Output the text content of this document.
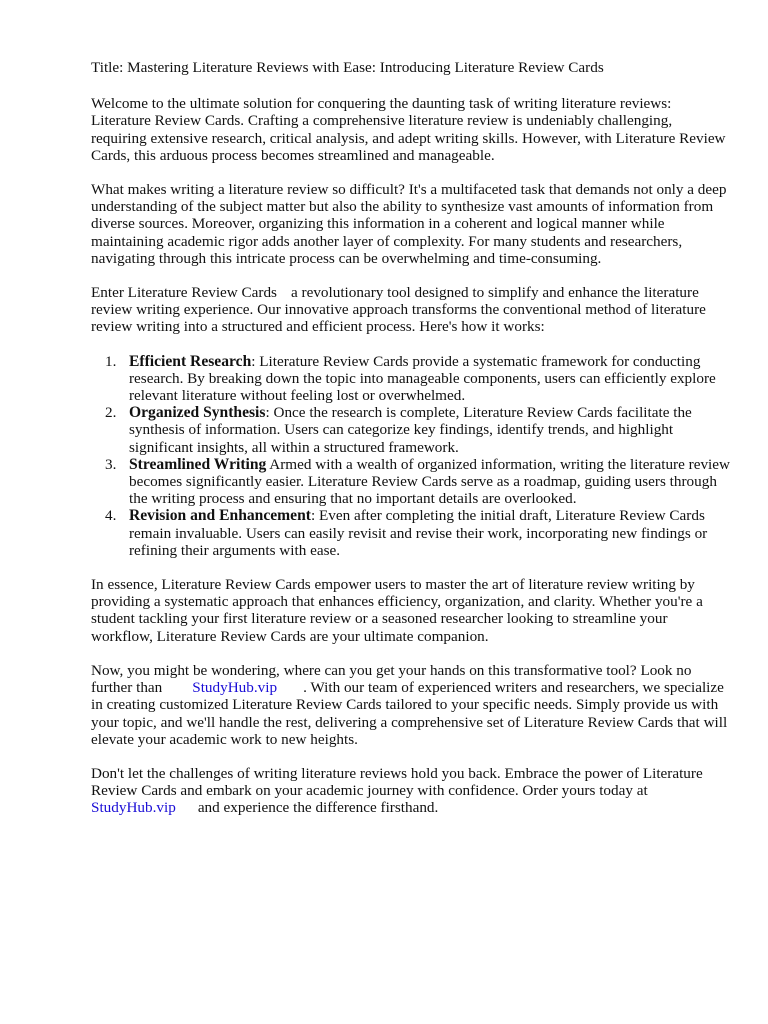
Title: Mastering Literature Reviews with Ease: Introducing Literature Review Cards

Welcome to the ultimate solution for conquering the daunting task of writing literature reviews: Literature Review Cards. Crafting a comprehensive literature review is undeniably challenging, requiring extensive research, critical analysis, and adept writing skills. However, with Literature Review Cards, this arduous process becomes streamlined and manageable.

What makes writing a literature review so difficult? It's a multifaceted task that demands not only a deep understanding of the subject matter but also the ability to synthesize vast amounts of information from diverse sources. Moreover, organizing this information in a coherent and logical manner while maintaining academic rigor adds another layer of complexity. For many students and researchers, navigating through this intricate process can be overwhelming and time-consuming.

Enter Literature Review Cards a revolutionary tool designed to simplify and enhance the literature review writing experience. Our innovative approach transforms the conventional method of literature review writing into a structured and efficient process. Here's how it works:

1. Efficient Research: Literature Review Cards provide a systematic framework for conducting research. By breaking down the topic into manageable components, users can efficiently explore relevant literature without feeling lost or overwhelmed.
2. Organized Synthesis: Once the research is complete, Literature Review Cards facilitate the synthesis of information. Users can categorize key findings, identify trends, and highlight significant insights, all within a structured framework.
3. Streamlined Writing Armed with a wealth of organized information, writing the literature review becomes significantly easier. Literature Review Cards serve as a roadmap, guiding users through the writing process and ensuring that no important details are overlooked.
4. Revision and Enhancement: Even after completing the initial draft, Literature Review Cards remain invaluable. Users can easily revisit and revise their work, incorporating new findings or refining their arguments with ease.

In essence, Literature Review Cards empower users to master the art of literature review writing by providing a systematic approach that enhances efficiency, organization, and clarity. Whether you're a student tackling your first literature review or a seasoned researcher looking to streamline your workflow, Literature Review Cards are your ultimate companion.

Now, you might be wondering, where can you get your hands on this transformative tool? Look no further than StudyHub.vip . With our team of experienced writers and researchers, we specialize in creating customized Literature Review Cards tailored to your specific needs. Simply provide us with your topic, and we'll handle the rest, delivering a comprehensive set of Literature Review Cards that will elevate your academic work to new heights.

Don't let the challenges of writing literature reviews hold you back. Embrace the power of Literature Review Cards and embark on your academic journey with confidence. Order yours today at StudyHub.vip and experience the difference firsthand.
